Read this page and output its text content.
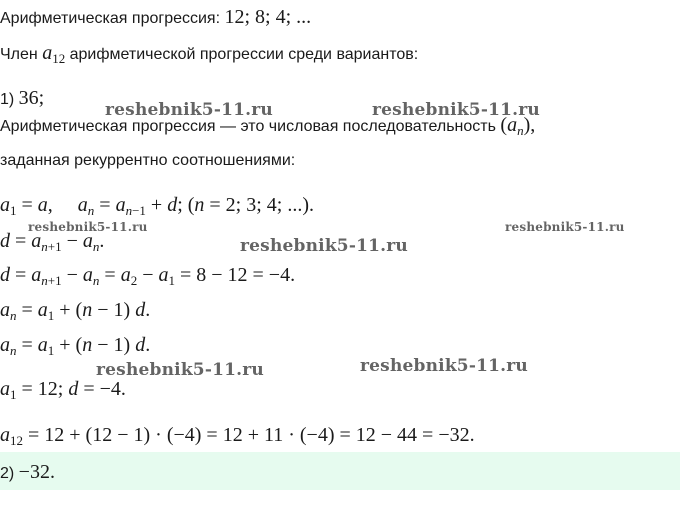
Арифметическая прогрессия: 12; 8; 4; ...
Член $a_{12}$ арифметической прогрессии среди вариантов:
1) 36;
Арифметическая прогрессия — это числовая последовательность $(a_n)$,
заданная рекуррентно соотношениями:
$a_1 = a$,     $a_n = a_{n-1} + d$; (n = 2; 3; 4; ...).
$d = a_{n+1} - a_n$.
$d = a_{n+1} - a_n = a_2 - a_1 = 8 - 12 = -4$.
$a_n = a_1 + (n - 1)$ d.
$a_n = a_1 + (n - 1)$ d.
$a_1 = 12$; d = −4.
$a_{12} = 12 + (12 - 1) \cdot (-4) = 12 + 11 \cdot (-4) = 12 - 44 = -32$.
2) −32.
reshebnik5-11.ru	reshebnik5-11.ru
reshebnik5-11.ru	reshebnik5-11.ru
reshebnik5-11.ru
reshebnik5-11.ru	reshebnik5-11.ru
